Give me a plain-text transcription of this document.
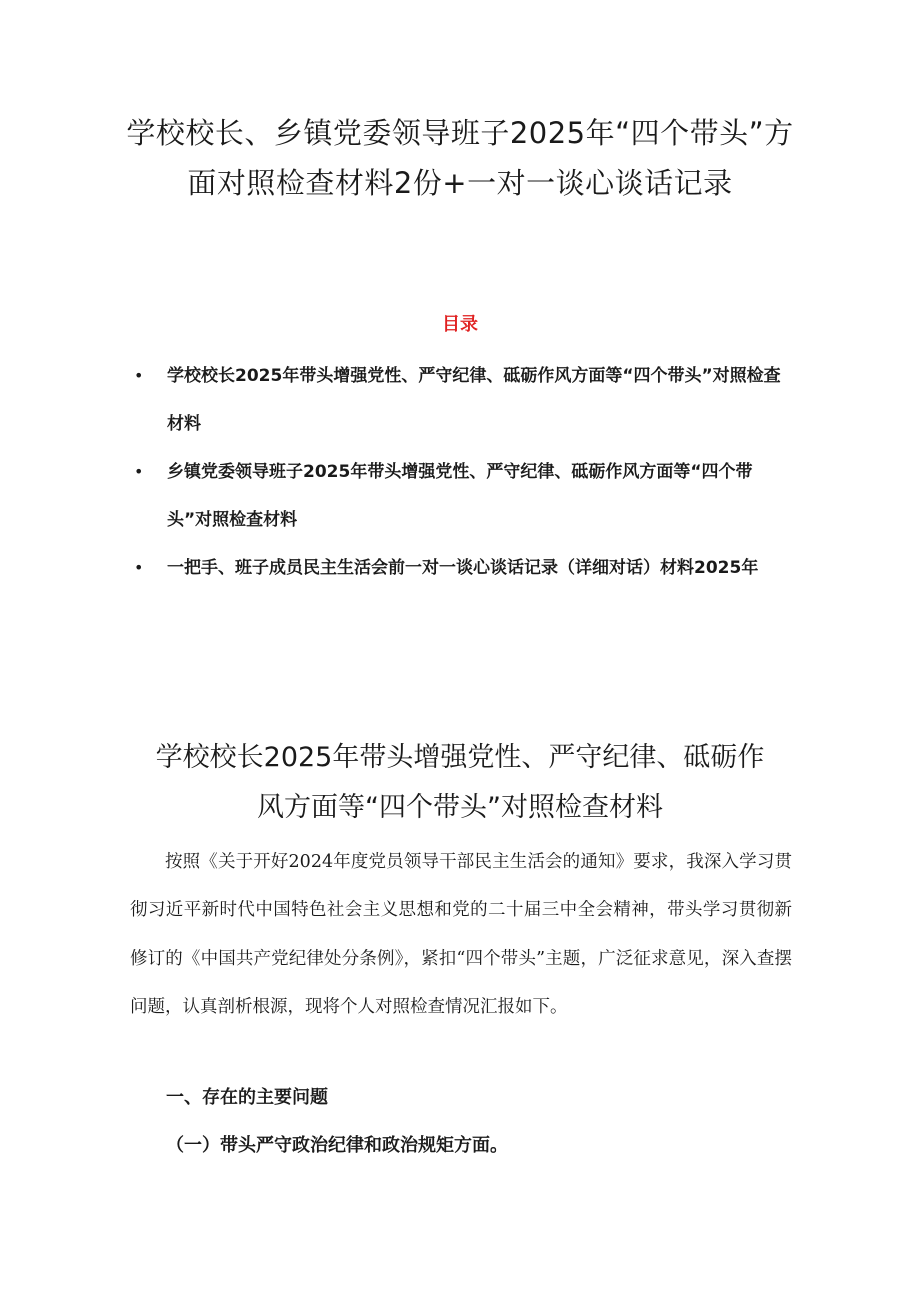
学校校长、乡镇党委领导班子2025年“四个带头”方
面对照检查材料2份+一对一谈心谈话记录
目录
• 学校校长2025年带头增强党性、严守纪律、砥砺作风方面等“四个带头”对照检查材料
• 乡镇党委领导班子2025年带头增强党性、严守纪律、砥砺作风方面等“四个带头”对照检查材料
• 一把手、班子成员民主生活会前一对一谈心谈话记录（详细对话）材料2025年
学校校长2025年带头增强党性、严守纪律、砥砺作
风方面等“四个带头”对照检查材料

按照《关于开好2024年度党员领导干部民主生活会的通知》要求，我深入学习贯彻习近平新时代中国特色社会主义思想和党的二十届三中全会精神，带头学习贯彻新修订的《中国共产党纪律处分条例》，紧扣“四个带头”主题，广泛征求意见，深入查摆问题，认真剖析根源，现将个人对照检查情况汇报如下。

一、存在的主要问题
（一）带头严守政治纪律和政治规矩方面。
